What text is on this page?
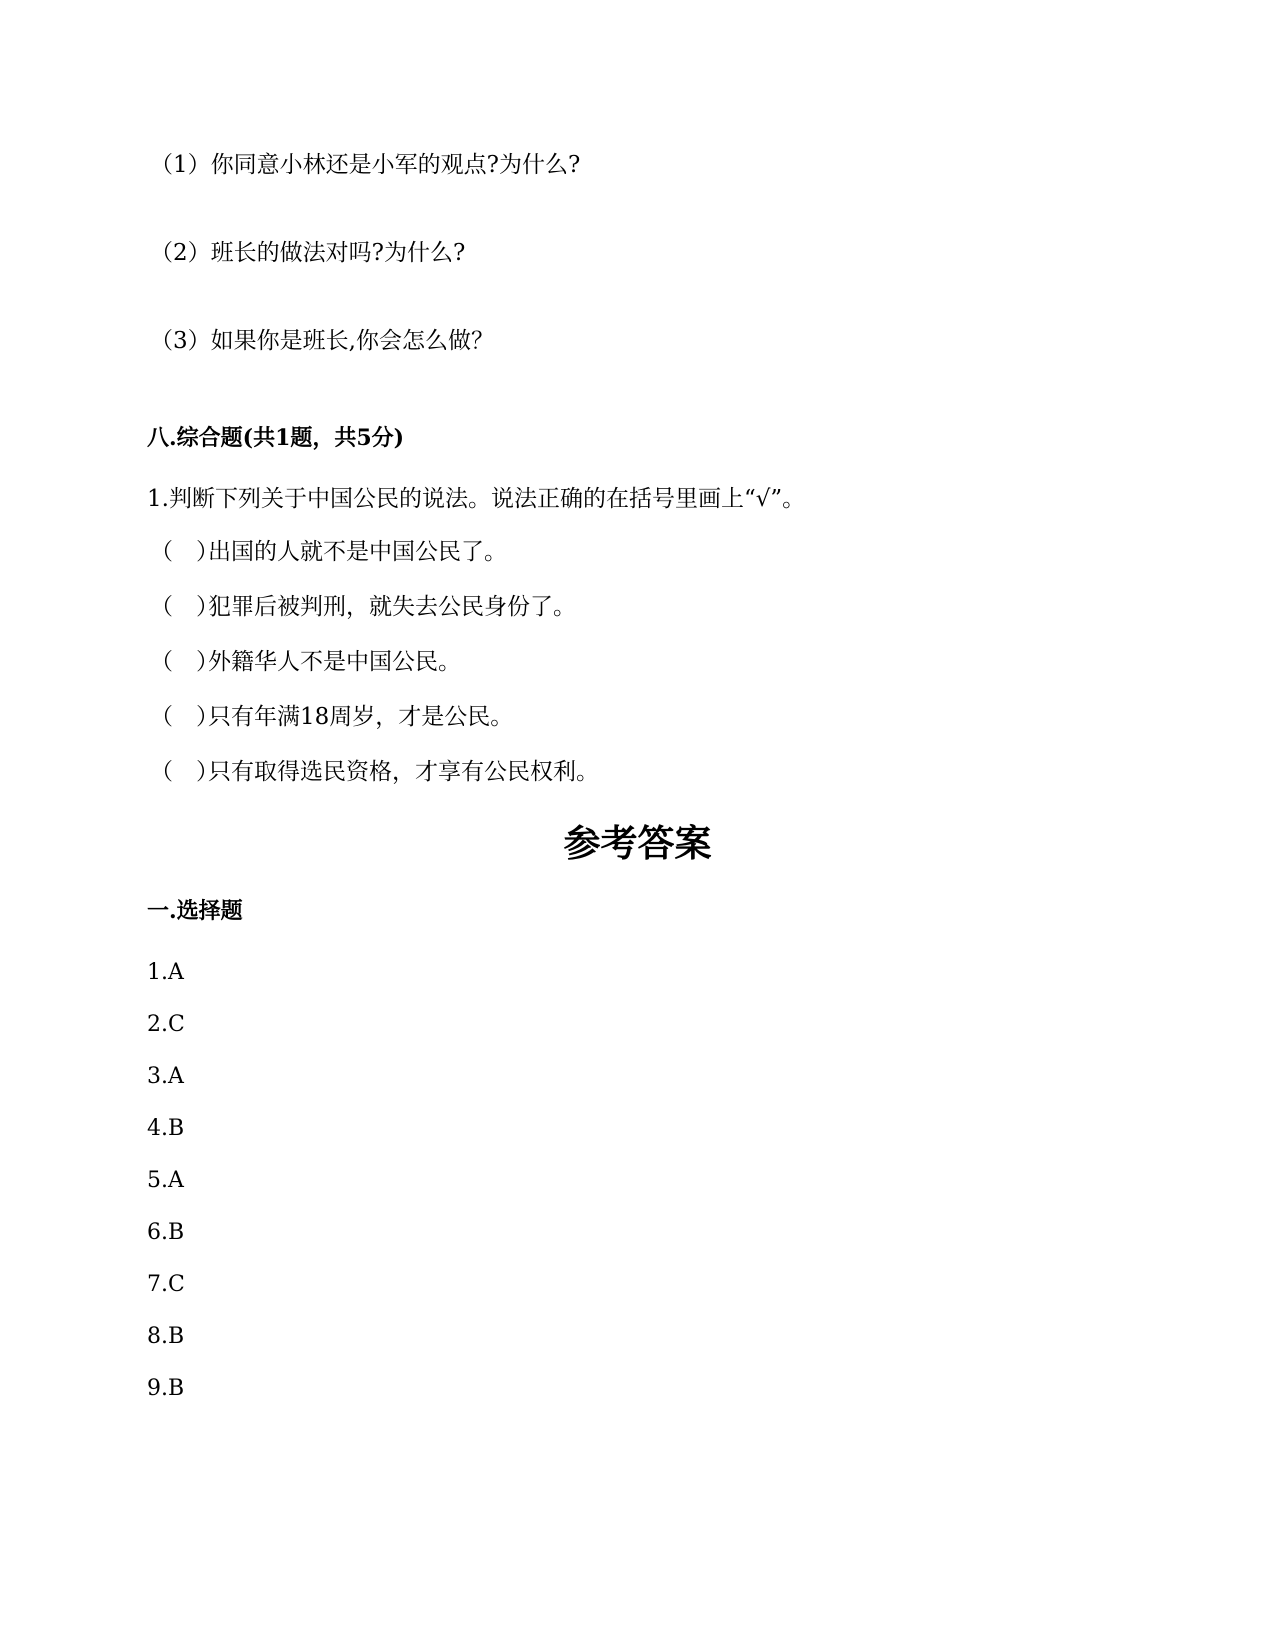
（1）你同意小林还是小军的观点?为什么?
（2）班长的做法对吗?为什么?
（3）如果你是班长,你会怎么做？
八.综合题(共1题，共5分)
1.判断下列关于中国公民的说法。说法正确的在括号里画上“√”。
（　）出国的人就不是中国公民了。
（　）犯罪后被判刑，就失去公民身份了。
（　）外籍华人不是中国公民。
（　）只有年满18周岁，才是公民。
（　）只有取得选民资格，才享有公民权利。
参考答案
一.选择题
1.A
2.C
3.A
4.B
5.A
6.B
7.C
8.B
9.B
